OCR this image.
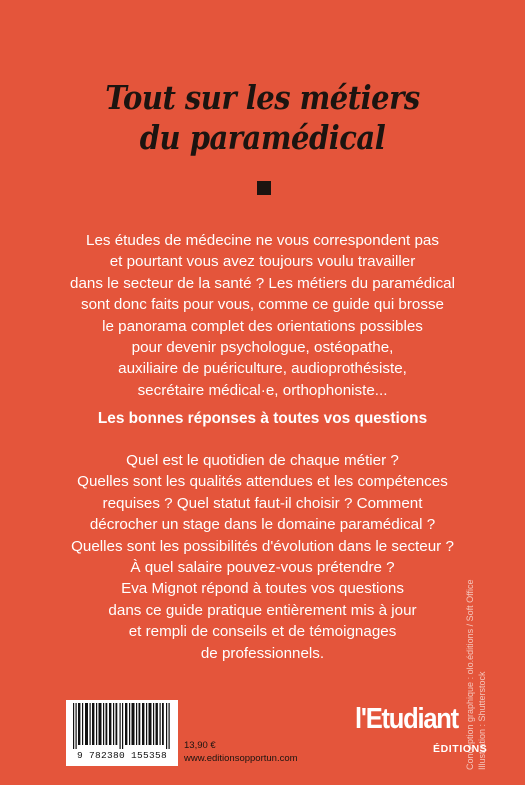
Tout sur les métiers
du paramédical
Les études de médecine ne vous correspondent pas
et pourtant vous avez toujours voulu travailler
dans le secteur de la santé ? Les métiers du paramédical
sont donc faits pour vous, comme ce guide qui brosse
le panorama complet des orientations possibles
pour devenir psychologue, ostéopathe,
auxiliaire de puériculture, audioprothésiste,
secrétaire médical·e, orthophoniste...
Les bonnes réponses à toutes vos questions
Quel est le quotidien de chaque métier ?
Quelles sont les qualités attendues et les compétences
requises ? Quel statut faut-il choisir ? Comment
décrocher un stage dans le domaine paramédical ?
Quelles sont les possibilités d'évolution dans le secteur ?
À quel salaire pouvez-vous prétendre ?
Eva Mignot répond à toutes vos questions
dans ce guide pratique entièrement mis à jour
et rempli de conseils et de témoignages
de professionnels.	Conception graphique : olo.éditions / Soft Office Illustration : Shutterstock
9 782380 155358
13,90 €
www.editionsopportun.com
l'Etudiant
ÉDITIONS
